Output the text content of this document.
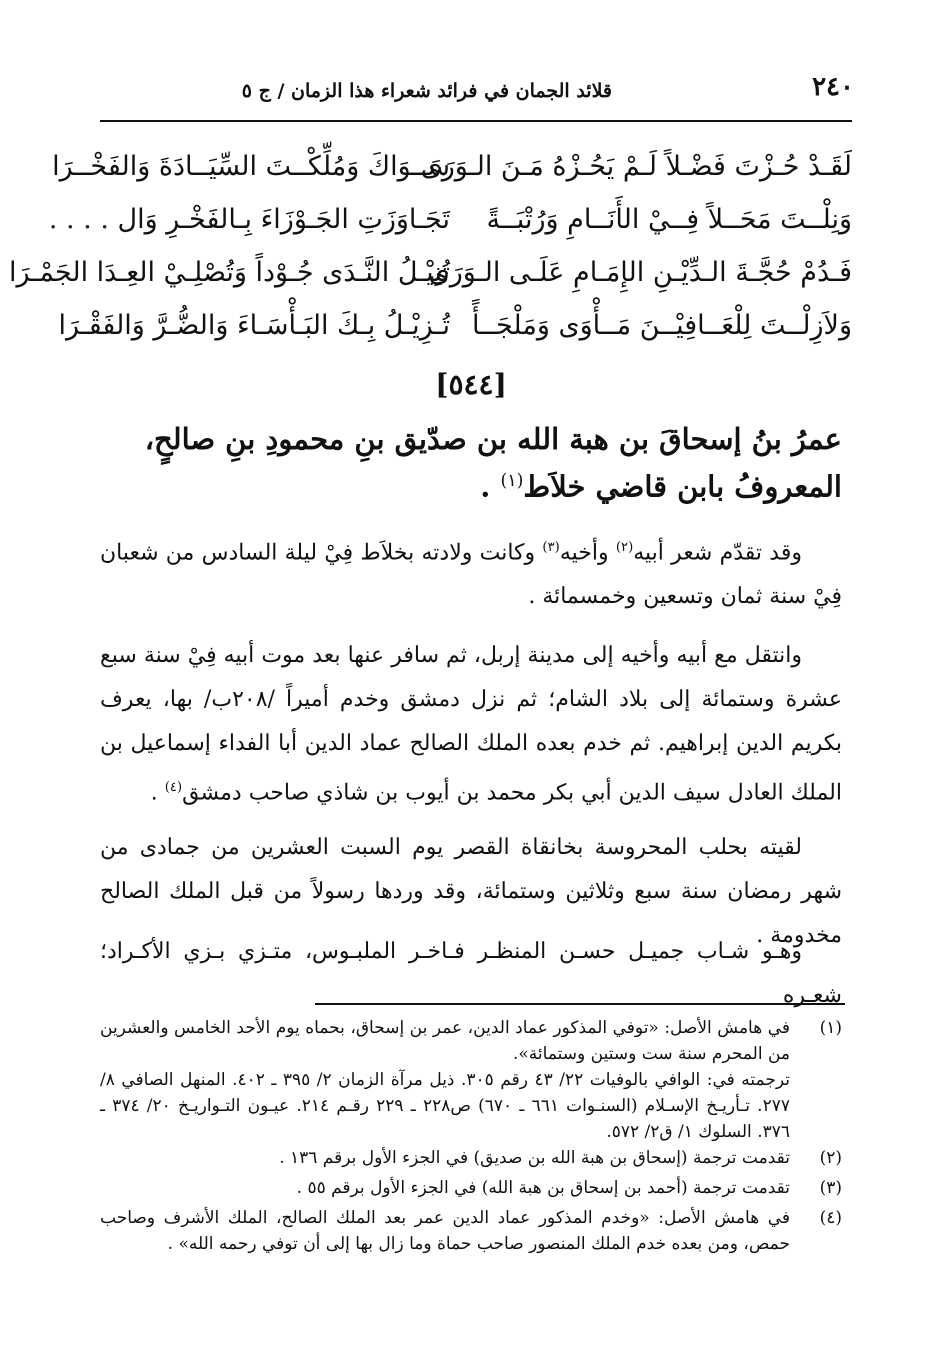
٢٤٠
قلائد الجمان في فرائد شعراء هذا الزمان / ج ٥
لَقَـدْ حُـزْتَ فَضْـلاً لَـمْ يَحُـزْهُ مَـنَ الـوَرَى
سَــوَاكَ وَمُلِّكْــتَ السِّيَــادَةَ وَالفَخْــرَا
وَنِلْــتَ مَحَــلاً فِــيْ الأَنَــامِ وَرُتْبَــةً
تَجَـاوَزَتِ الجَـوْزَاءَ بِـالفَخْـرِ وَال . . . .
فَـدُمْ حُجَّـةَ الـدِّيْـنِ الإِمَـامِ عَلَـى الـوَرَى
تُنِيْـلُ النَّـدَى جُـوْداً وَتُصْلِـيْ العِـدَا الجَمْـرَا
وَلاَزِلْــتَ لِلْعَــافِيْــنَ مَــأْوَى وَمَلْجَــأً
تُـزِيْـلُ بِـكَ البَـأْسَـاءَ وَالضُّـرَّ وَالفَقْـرَا
[٥٤٤]
عمرُ بنُ إسحاقَ بن هبة الله بن صدّيق بنِ محمودِ بنِ صالحٍ،
المعروفُ بابن قاضي خلاَط$^{(١)}$ .

وقد تقدّم شعر أبيه$^{(٢)}$ وأخيه$^{(٣)}$ وكانت ولادته بخلاَط فِيْ ليلة السادس من شعبان فِيْ سنة ثمان وتسعين وخمسمائة .

وانتقل مع أبيه وأخيه إلى مدينة إربل، ثم سافر عنها بعد موت أبيه فِيْ سنة سبع عشرة وستمائة إلى بلاد الشام؛ ثم نزل دمشق وخدم أميراً /٢٠٨ب/ بها، يعرف بكريم الدين إبراهيم. ثم خدم بعده الملك الصالح عماد الدين أبا الفداء إسماعيل بن الملك العادل سيف الدين أبي بكر محمد بن أيوب بن شاذي صاحب دمشق$^{(٤)}$ .

لقيته بحلب المحروسة بخانقاة القصر يوم السبت العشرين من جمادى من شهر رمضان سنة سبع وثلاثين وستمائة، وقد وردها رسولاً من قبل الملك الصالح مخدومة .

وهـو شـاب جميـل حسـن المنظـر فـاخـر الملبـوس، متـزي بـزي الأكـراد؛ شعـره

(١)
في هامش الأصل: «توفي المذكور عماد الدين، عمر بن إسحاق، بحماه يوم الأحد الخامس والعشرين من المحرم سنة ست وستين وستمائة».
ترجمته في: الوافي بالوفيات ٢٢/ ٤٣ رقم ٣٠٥. ذيل مرآة الزمان ٢/ ٣٩٥ ـ ٤٠٢. المنهل الصافي ٨/ ٢٧٧. تـأريـخ الإسـلام (السنـوات ٦٦١ ـ ٦٧٠) ص٢٢٨ ـ ٢٢٩ رقـم ٢١٤. عيـون التـواريـخ ٢٠/ ٣٧٤ ـ ٣٧٦. السلوك ١/ ق٢/ ٥٧٢.
(٢)
تقدمت ترجمة (إسحاق بن هبة الله بن صديق) في الجزء الأول برقم ١٣٦ .
(٣)
تقدمت ترجمة (أحمد بن إسحاق بن هبة الله) في الجزء الأول برقم ٥٥ .
(٤)
في هامش الأصل: «وخدم المذكور عماد الدين عمر بعد الملك الصالح، الملك الأشرف وصاحب حمص، ومن بعده خدم الملك المنصور صاحب حماة وما زال بها إلى أن توفي رحمه الله» .
